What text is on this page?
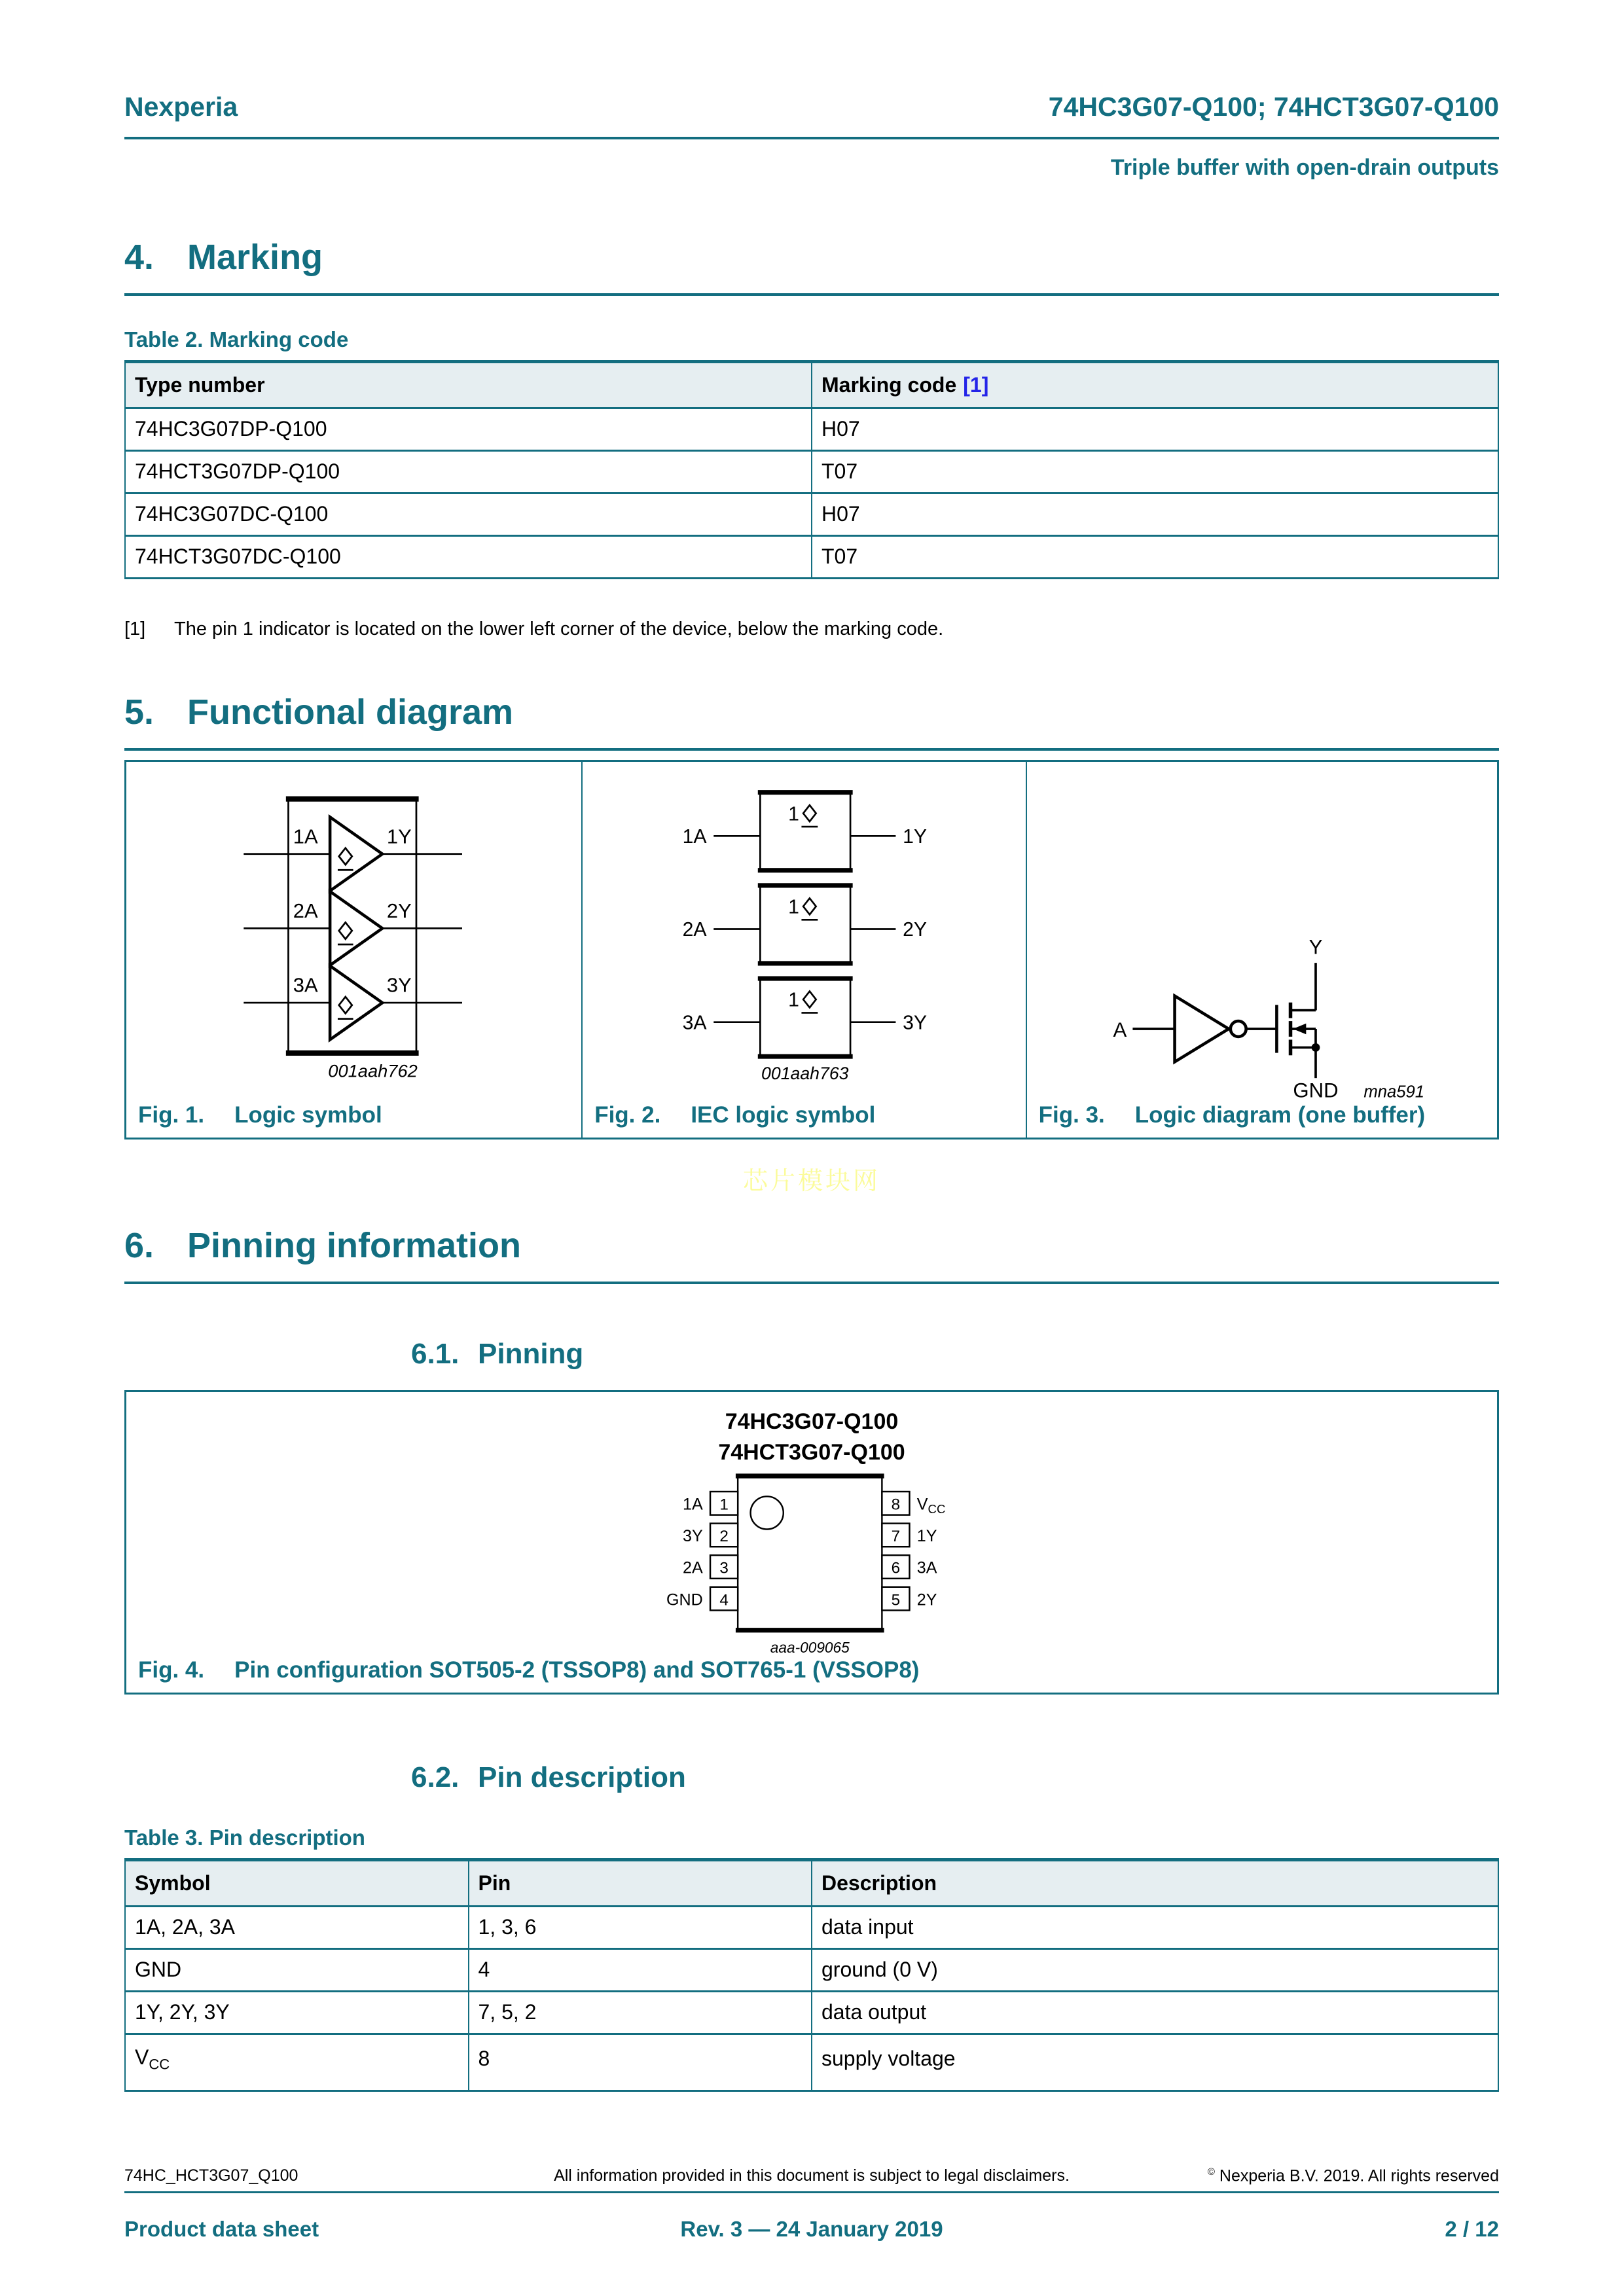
Nexperia	74HC3G07-Q100; 74HCT3G07-Q100
Triple buffer with open-drain outputs
4. Marking
Table 2. Marking code
Type number	Marking code [1]
74HC3G07DP-Q100	H07
74HCT3G07DP-Q100	T07
74HC3G07DC-Q100	H07
74HCT3G07DC-Q100	T07
[1]	The pin 1 indicator is located on the lower left corner of the device, below the marking code.
5. Functional diagram
1A	1Y
2A	2Y
3A	3Y
001aah762
Fig. 1. Logic symbol
1
1A	1Y
1
2A	2Y
1
3A	3Y
001aah763
Fig. 2. IEC logic symbol
A
Y
GND mna591
Fig. 3. Logic diagram (one buffer)
芯片模块网
6. Pinning information
6.1. Pinning
74HC3G07-Q100
74HCT3G07-Q100
1
1A
2
3Y
3
2A
4
GND
8 $V_{CC}$
7 1Y
6 3A
5 2Y
aaa-009065
Fig. 4. Pin configuration SOT505-2 (TSSOP8) and SOT765-1 (VSSOP8)
6.2. Pin description
Table 3. Pin description
Symbol	Pin	Description
1A, 2A, 3A	1, 3, 6	data input
GND	4	ground (0 V)
1Y, 2Y, 3Y	7, 5, 2	data output
$V_{CC}$	8	supply voltage
74HC_HCT3G07_Q100	All information provided in this document is subject to legal disclaimers.	© Nexperia B.V. 2019. All rights reserved
Product data sheet	Rev. 3 — 24 January 2019	2 / 12
